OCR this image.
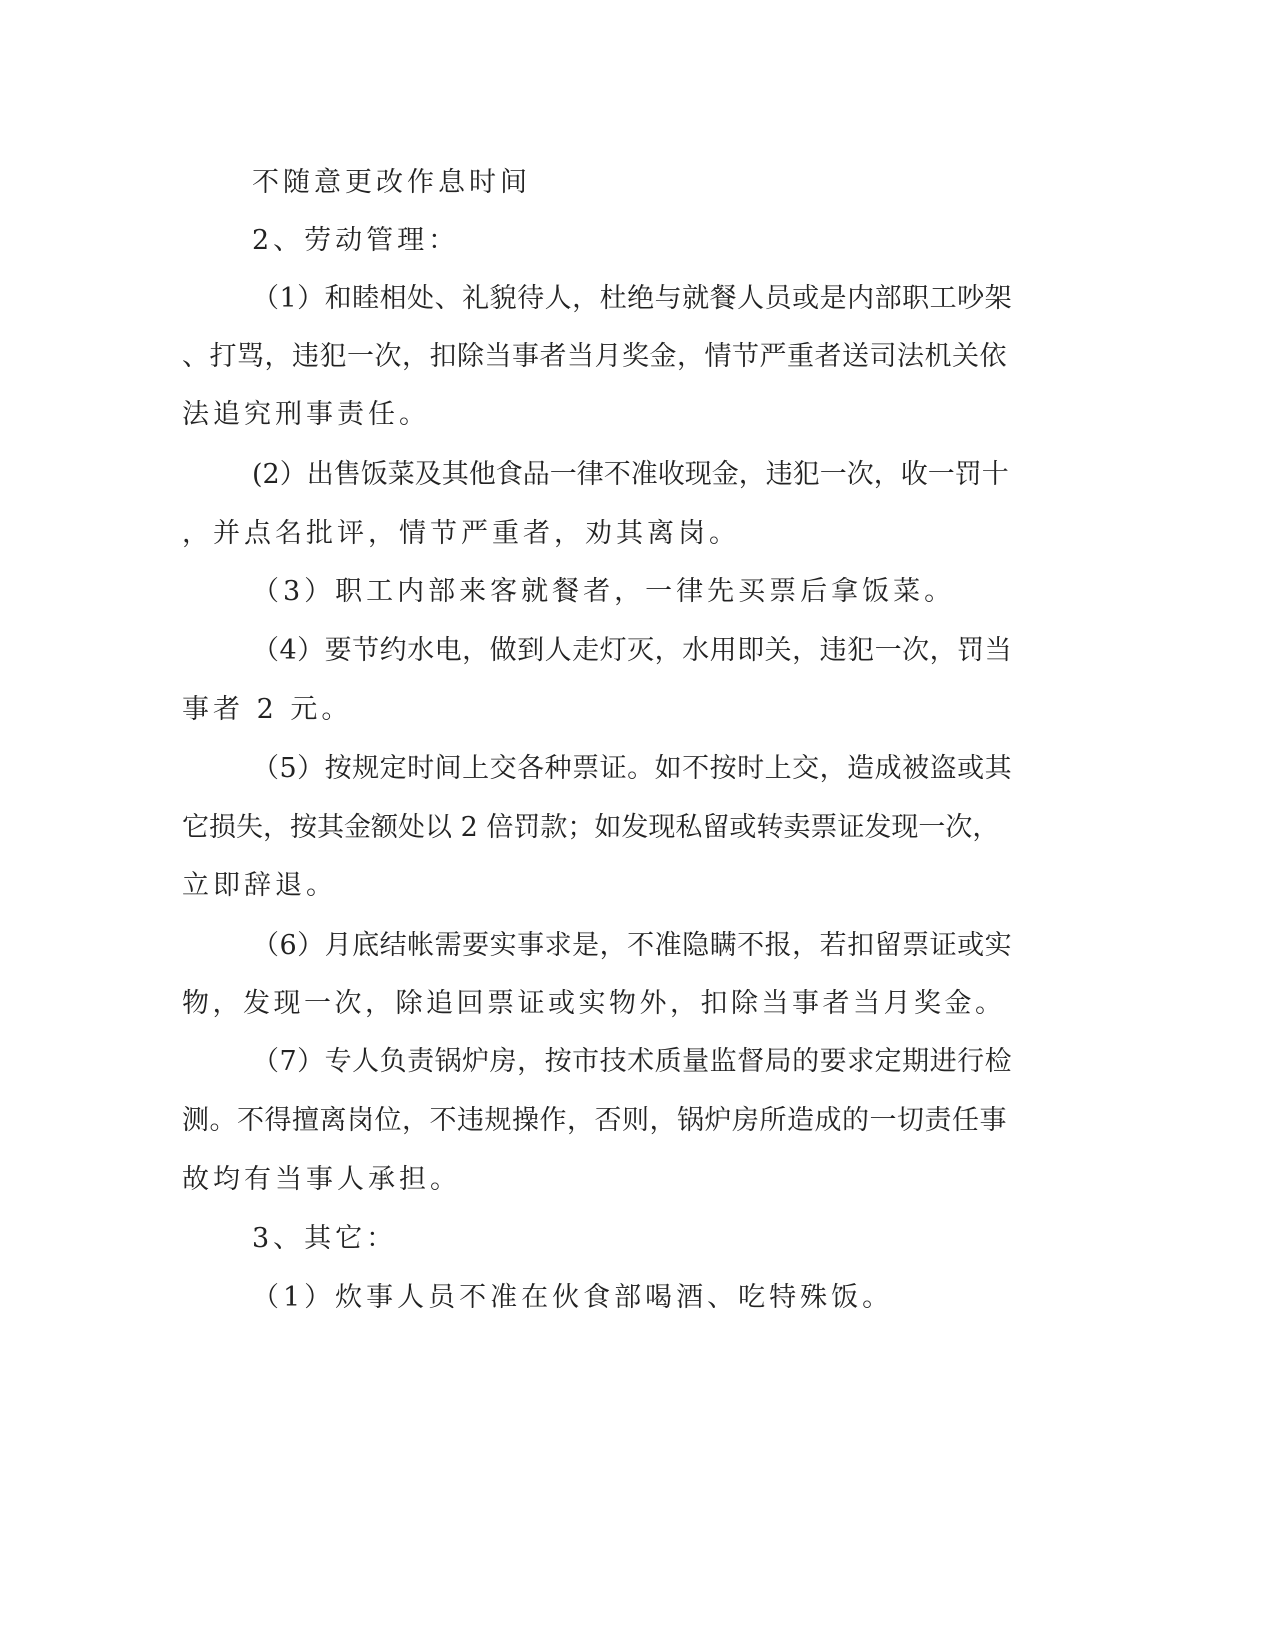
不随意更改作息时间
2、劳动管理：
（1）和睦相处、礼貌待人，杜绝与就餐人员或是内部职工吵架
、打骂，违犯一次，扣除当事者当月奖金，情节严重者送司法机关依
法追究刑事责任。
(2）出售饭菜及其他食品一律不准收现金，违犯一次，收一罚十
，并点名批评，情节严重者，劝其离岗。
（3）职工内部来客就餐者，一律先买票后拿饭菜。
（4）要节约水电，做到人走灯灭，水用即关，违犯一次，罚当
事者 2 元。
（5）按规定时间上交各种票证。如不按时上交，造成被盗或其
它损失，按其金额处以 2 倍罚款；如发现私留或转卖票证发现一次，
立即辞退。
（6）月底结帐需要实事求是，不准隐瞒不报，若扣留票证或实
物，发现一次，除追回票证或实物外，扣除当事者当月奖金。
（7）专人负责锅炉房，按市技术质量监督局的要求定期进行检
测。不得擅离岗位，不违规操作，否则，锅炉房所造成的一切责任事
故均有当事人承担。
3、其它：
（1）炊事人员不准在伙食部喝酒、吃特殊饭。
